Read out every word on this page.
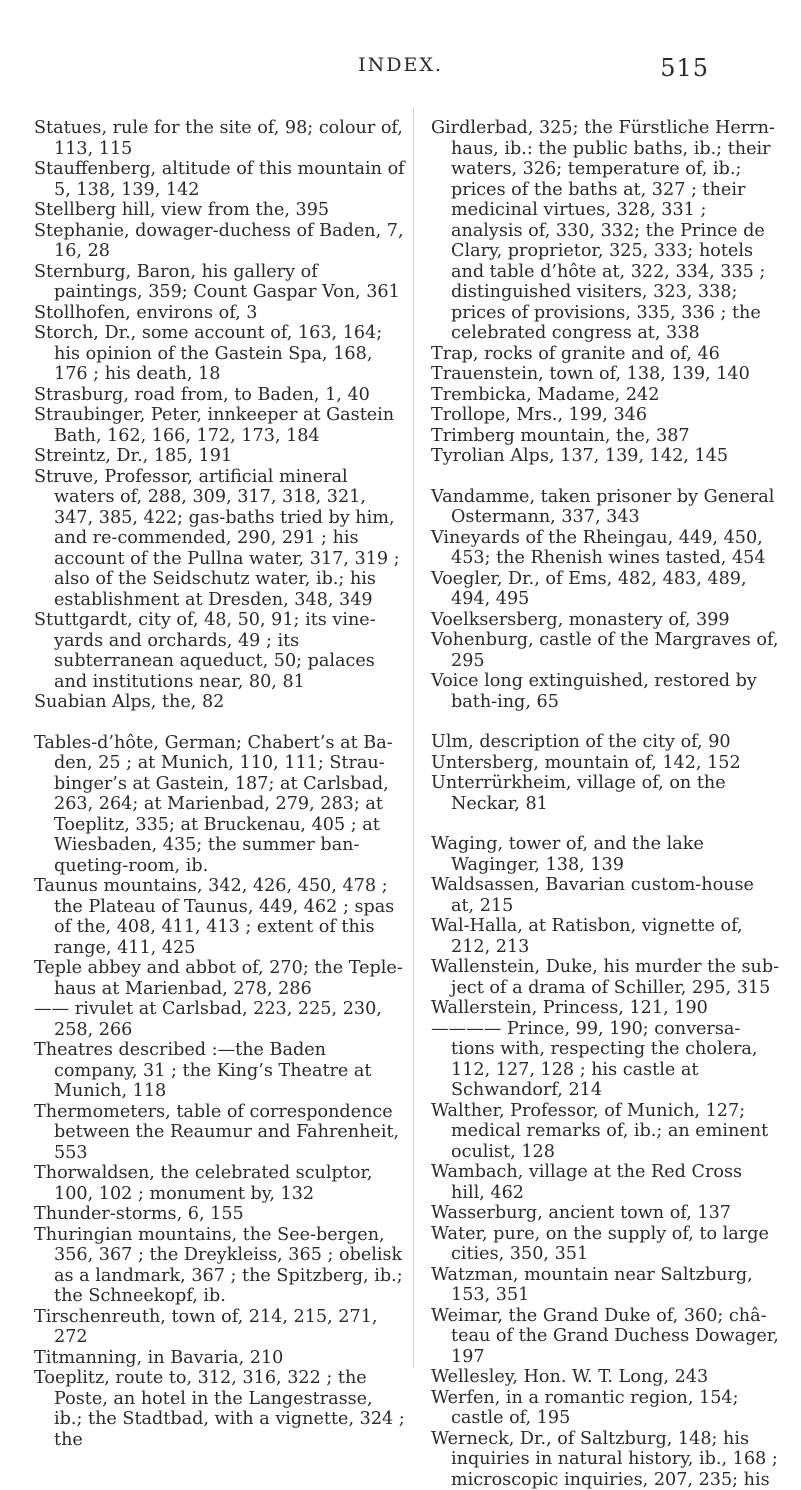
INDEX.	515

Statues, rule for the site of, 98; colour of, 113, 115

Stauffenberg, altitude of this mountain of 5, 138, 139, 142

Stellberg hill, view from the, 395

Stephanie, dowager-duchess of Baden, 7, 16, 28

Sternburg, Baron, his gallery of paintings, 359; Count Gaspar Von, 361

Stollhofen, environs of, 3

Storch, Dr., some account of, 163, 164; his opinion of the Gastein Spa, 168, 176 ; his death, 18

Strasburg, road from, to Baden, 1, 40

Straubinger, Peter, innkeeper at Gastein Bath, 162, 166, 172, 173, 184

Streintz, Dr., 185, 191

Struve, Professor, artificial mineral waters of, 288, 309, 317, 318, 321, 347, 385, 422; gas-baths tried by him, and re-commended, 290, 291 ; his account of the Pullna water, 317, 319 ; also of the Seidschutz water, ib.; his establishment at Dresden, 348, 349

Stuttgardt, city of, 48, 50, 91; its vine-yards and orchards, 49 ; its subterranean aqueduct, 50; palaces and institutions near, 80, 81

Suabian Alps, the, 82

Tables-d’hôte, German; Chabert’s at Ba-den, 25 ; at Munich, 110, 111; Strau-binger’s at Gastein, 187; at Carlsbad, 263, 264; at Marienbad, 279, 283; at Toeplitz, 335; at Bruckenau, 405 ; at Wiesbaden, 435; the summer ban-queting-room, ib.

Taunus mountains, 342, 426, 450, 478 ; the Plateau of Taunus, 449, 462 ; spas of the, 408, 411, 413 ; extent of this range, 411, 425

Teple abbey and abbot of, 270; the Teple-haus at Marienbad, 278, 286

—— rivulet at Carlsbad, 223, 225, 230, 258, 266

Theatres described :—the Baden company, 31 ; the King’s Theatre at Munich, 118

Thermometers, table of correspondence between the Reaumur and Fahrenheit, 553

Thorwaldsen, the celebrated sculptor, 100, 102 ; monument by, 132

Thunder-storms, 6, 155

Thuringian mountains, the See-bergen, 356, 367 ; the Dreykleiss, 365 ; obelisk as a landmark, 367 ; the Spitzberg, ib.; the Schneekopf, ib.

Tirschenreuth, town of, 214, 215, 271, 272

Titmanning, in Bavaria, 210

Toeplitz, route to, 312, 316, 322 ; the Poste, an hotel in the Langestrasse, ib.; the Stadtbad, with a vignette, 324 ; the

Girdlerbad, 325; the Fürstliche Herrn-haus, ib.: the public baths, ib.; their waters, 326; temperature of, ib.; prices of the baths at, 327 ; their medicinal virtues, 328, 331 ; analysis of, 330, 332; the Prince de Clary, proprietor, 325, 333; hotels and table d’hôte at, 322, 334, 335 ; distinguished visiters, 323, 338; prices of provisions, 335, 336 ; the celebrated congress at, 338

Trap, rocks of granite and of, 46

Trauenstein, town of, 138, 139, 140

Trembicka, Madame, 242

Trollope, Mrs., 199, 346

Trimberg mountain, the, 387

Tyrolian Alps, 137, 139, 142, 145

Vandamme, taken prisoner by General Ostermann, 337, 343

Vineyards of the Rheingau, 449, 450, 453; the Rhenish wines tasted, 454

Voegler, Dr., of Ems, 482, 483, 489, 494, 495

Voelksersberg, monastery of, 399

Vohenburg, castle of the Margraves of, 295

Voice long extinguished, restored by bath-ing, 65

Ulm, description of the city of, 90

Untersberg, mountain of, 142, 152

Unterrürkheim, village of, on the Neckar, 81

Waging, tower of, and the lake Waginger, 138, 139

Waldsassen, Bavarian custom-house at, 215

Wal-Halla, at Ratisbon, vignette of, 212, 213

Wallenstein, Duke, his murder the sub-ject of a drama of Schiller, 295, 315

Wallerstein, Princess, 121, 190

———— Prince, 99, 190; conversa-tions with, respecting the cholera, 112, 127, 128 ; his castle at Schwandorf, 214

Walther, Professor, of Munich, 127; medical remarks of, ib.; an eminent oculist, 128

Wambach, village at the Red Cross hill, 462

Wasserburg, ancient town of, 137

Water, pure, on the supply of, to large cities, 350, 351

Watzman, mountain near Saltzburg, 153, 351

Weimar, the Grand Duke of, 360; châ-teau of the Grand Duchess Dowager, 197

Wellesley, Hon. W. T. Long, 243

Werfen, in a romantic region, 154; castle of, 195

Werneck, Dr., of Saltzburg, 148; his inquiries in natural history, ib., 168 ; microscopic inquiries, 207, 235; his
